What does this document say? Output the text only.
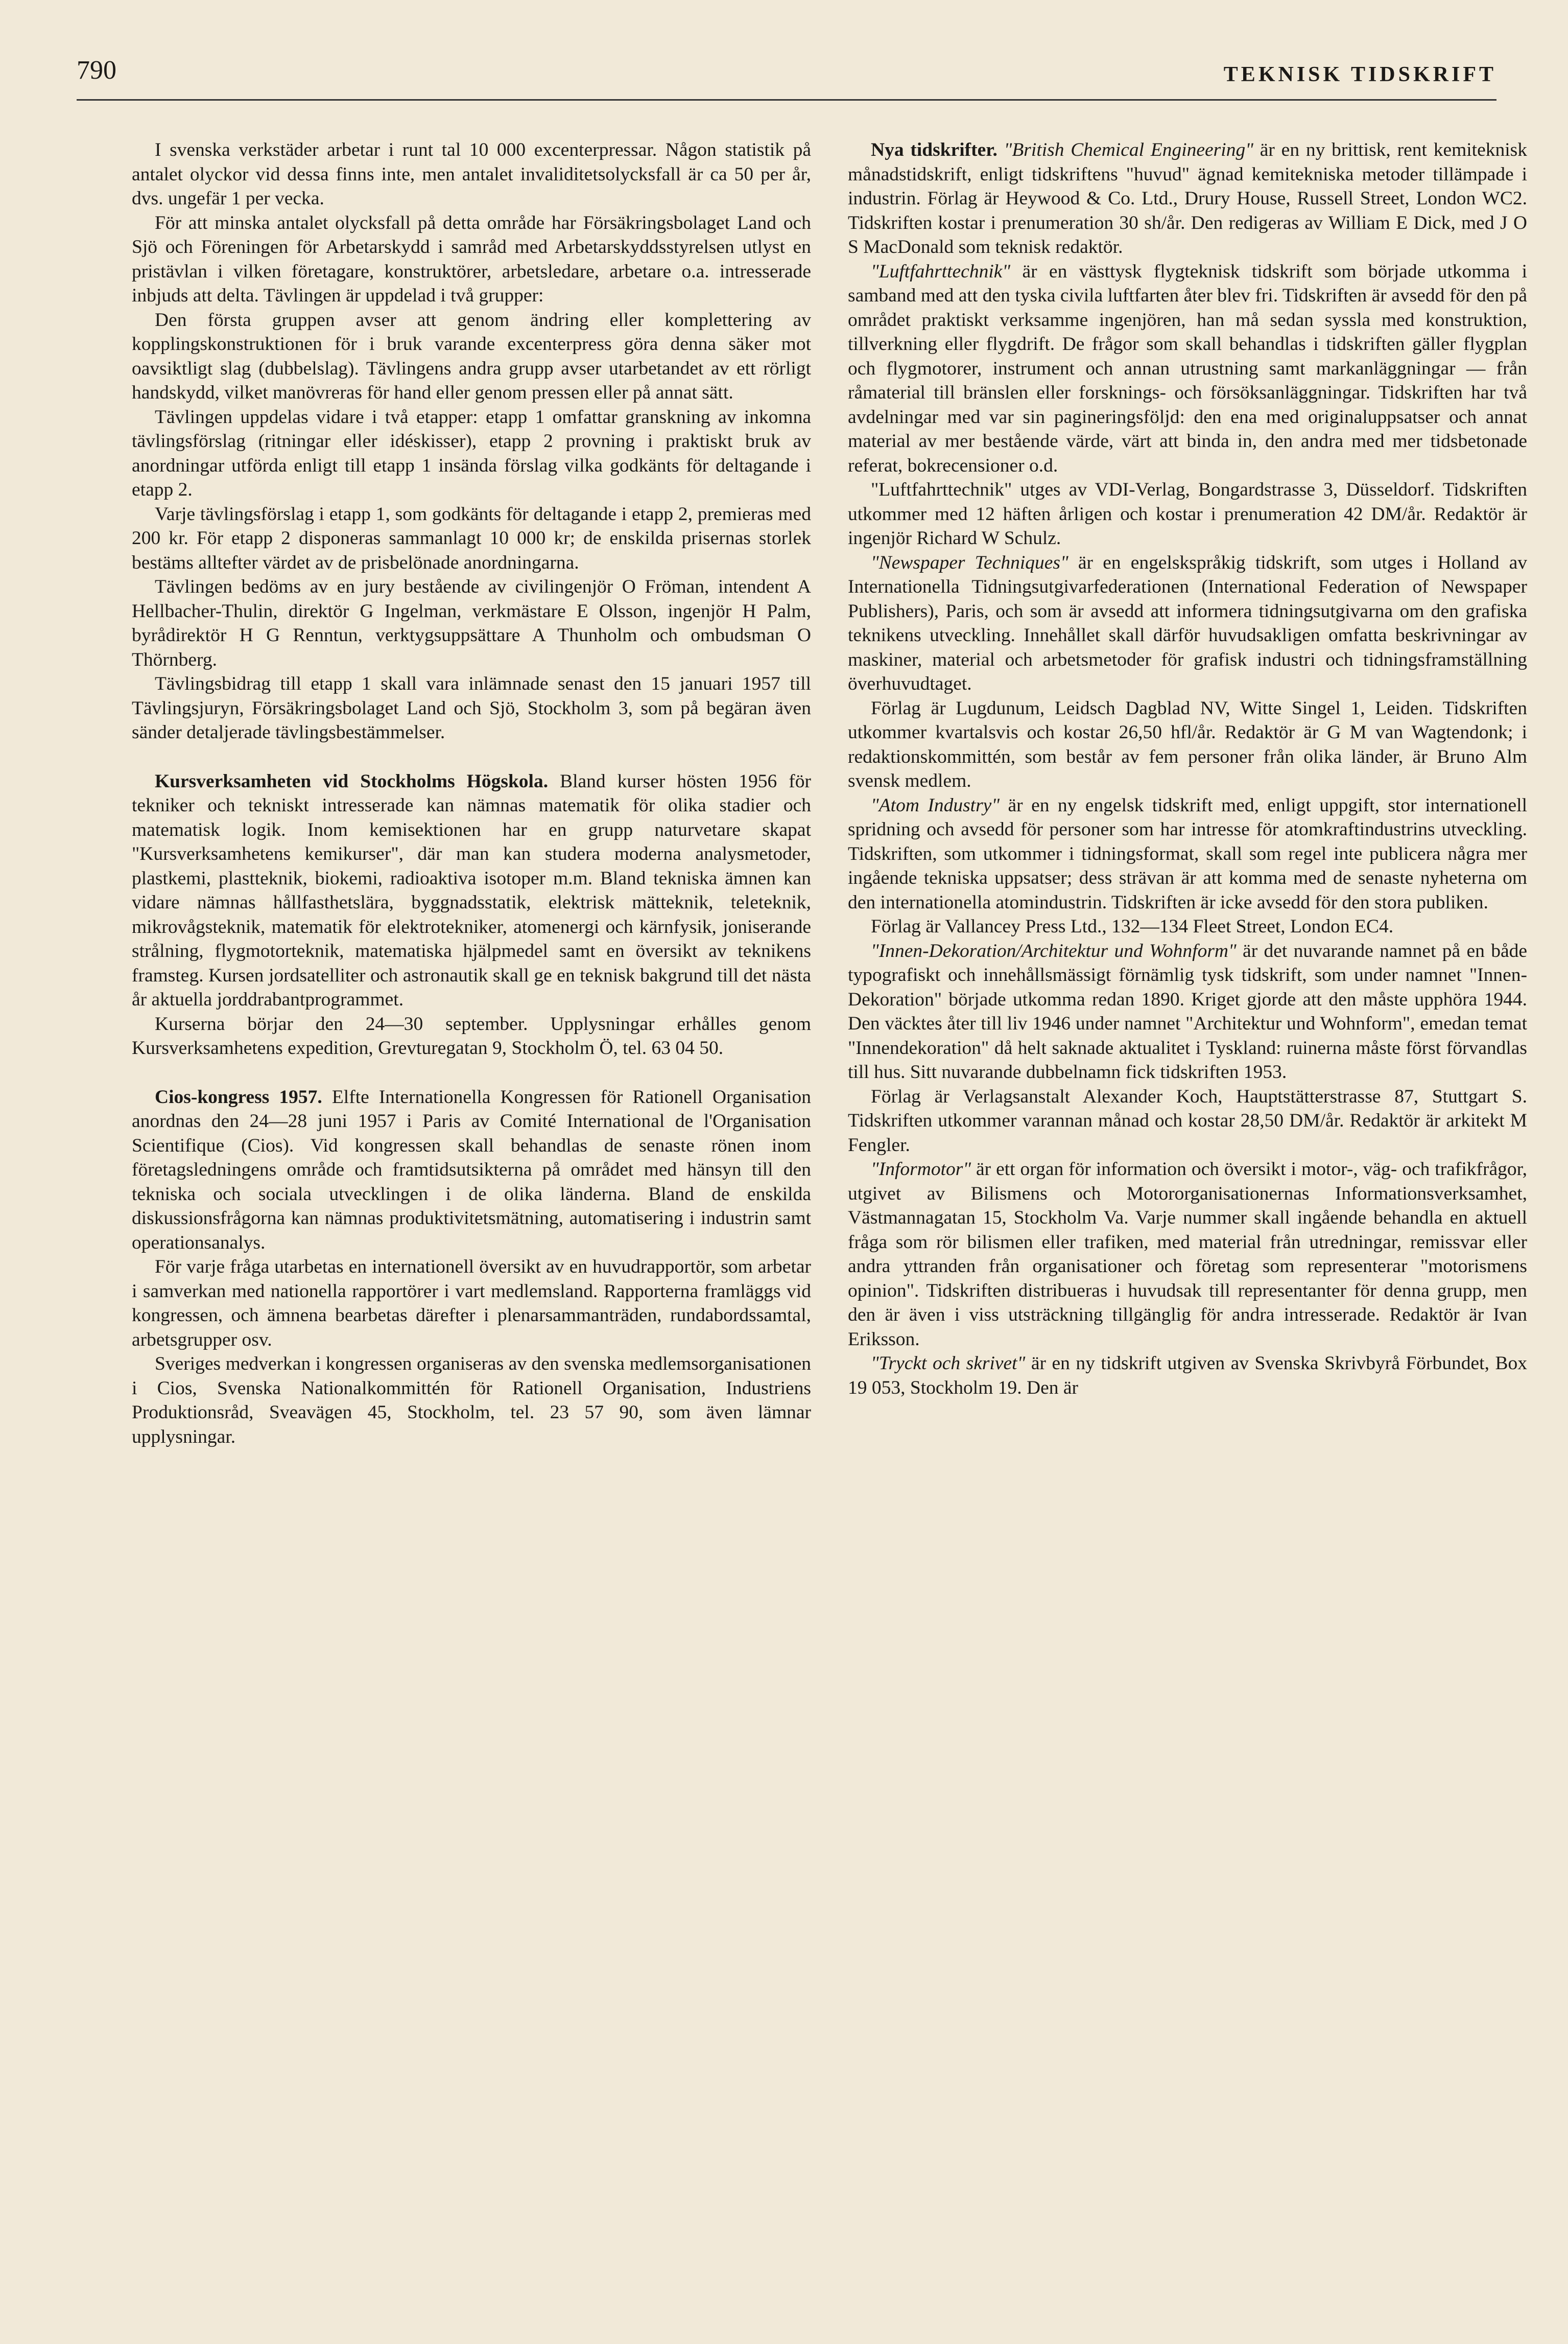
790	TEKNISK TIDSKRIFT

I svenska verkstäder arbetar i runt tal 10 000 excenterpressar. Någon statistik på antalet olyckor vid dessa finns inte, men antalet invaliditetsolycksfall är ca 50 per år, dvs. ungefär 1 per vecka.

För att minska antalet olycksfall på detta område har Försäkringsbolaget Land och Sjö och Föreningen för Arbetarskydd i samråd med Arbetarskyddsstyrelsen utlyst en pristävlan i vilken företagare, konstruktörer, arbetsledare, arbetare o.a. intresserade inbjuds att delta. Tävlingen är uppdelad i två grupper:

Den första gruppen avser att genom ändring eller komplettering av kopplingskonstruktionen för i bruk varande excenterpress göra denna säker mot oavsiktligt slag (dubbelslag). Tävlingens andra grupp avser utarbetandet av ett rörligt handskydd, vilket manövreras för hand eller genom pressen eller på annat sätt.

Tävlingen uppdelas vidare i två etapper: etapp 1 omfattar granskning av inkomna tävlingsförslag (ritningar eller idéskisser), etapp 2 provning i praktiskt bruk av anordningar utförda enligt till etapp 1 insända förslag vilka godkänts för deltagande i etapp 2.

Varje tävlingsförslag i etapp 1, som godkänts för deltagande i etapp 2, premieras med 200 kr. För etapp 2 disponeras sammanlagt 10 000 kr; de enskilda prisernas storlek bestäms alltefter värdet av de prisbelönade anordningarna.

Tävlingen bedöms av en jury bestående av civilingenjör O Fröman, intendent A Hellbacher-Thulin, direktör G Ingelman, verkmästare E Olsson, ingenjör H Palm, byrådirektör H G Renntun, verktygsuppsättare A Thunholm och ombudsman O Thörnberg.

Tävlingsbidrag till etapp 1 skall vara inlämnade senast den 15 januari 1957 till Tävlingsjuryn, Försäkringsbolaget Land och Sjö, Stockholm 3, som på begäran även sänder detaljerade tävlingsbestämmelser.

Kursverksamheten vid Stockholms Högskola. Bland kurser hösten 1956 för tekniker och tekniskt intresserade kan nämnas matematik för olika stadier och matematisk logik. Inom kemisektionen har en grupp naturvetare skapat "Kursverksamhetens kemikurser", där man kan studera moderna analysmetoder, plastkemi, plastteknik, biokemi, radioaktiva isotoper m.m. Bland tekniska ämnen kan vidare nämnas hållfasthetslära, byggnadsstatik, elektrisk mätteknik, teleteknik, mikrovågsteknik, matematik för elektrotekniker, atomenergi och kärnfysik, joniserande strålning, flygmotorteknik, matematiska hjälpmedel samt en översikt av teknikens framsteg. Kursen jordsatelliter och astronautik skall ge en teknisk bakgrund till det nästa år aktuella jorddrabantprogrammet.

Kurserna börjar den 24—30 september. Upplysningar erhålles genom Kursverksamhetens expedition, Grevturegatan 9, Stockholm Ö, tel. 63 04 50.

Cios-kongress 1957. Elfte Internationella Kongressen för Rationell Organisation anordnas den 24—28 juni 1957 i Paris av Comité International de l'Organisation Scientifique (Cios). Vid kongressen skall behandlas de senaste rönen inom företagsledningens område och framtidsutsikterna på området med hänsyn till den tekniska och sociala utvecklingen i de olika länderna. Bland de enskilda diskussionsfrågorna kan nämnas produktivitetsmätning, automatisering i industrin samt operationsanalys.

För varje fråga utarbetas en internationell översikt av en huvudrapportör, som arbetar i samverkan med nationella rapportörer i vart medlemsland. Rapporterna framläggs vid kongressen, och ämnena bearbetas därefter i plenarsammanträden, rundabordssamtal, arbetsgrupper osv.

Sveriges medverkan i kongressen organiseras av den svenska medlemsorganisationen i Cios, Svenska Nationalkommittén för Rationell Organisation, Industriens Produktionsråd, Sveavägen 45, Stockholm, tel. 23 57 90, som även lämnar upplysningar.

Nya tidskrifter. "British Chemical Engineering" är en ny brittisk, rent kemiteknisk månadstidskrift, enligt tidskriftens "huvud" ägnad kemitekniska metoder tillämpade i industrin. Förlag är Heywood & Co. Ltd., Drury House, Russell Street, London WC2. Tidskriften kostar i prenumeration 30 sh/år. Den redigeras av William E Dick, med J O S MacDonald som teknisk redaktör.

"Luftfahrttechnik" är en västtysk flygteknisk tidskrift som började utkomma i samband med att den tyska civila luftfarten åter blev fri. Tidskriften är avsedd för den på området praktiskt verksamme ingenjören, han må sedan syssla med konstruktion, tillverkning eller flygdrift. De frågor som skall behandlas i tidskriften gäller flygplan och flygmotorer, instrument och annan utrustning samt markanläggningar — från råmaterial till bränslen eller forsknings- och försöksanläggningar. Tidskriften har två avdelningar med var sin pagineringsföljd: den ena med originaluppsatser och annat material av mer bestående värde, värt att binda in, den andra med mer tidsbetonade referat, bokrecensioner o.d.

"Luftfahrttechnik" utges av VDI-Verlag, Bongardstrasse 3, Düsseldorf. Tidskriften utkommer med 12 häften årligen och kostar i prenumeration 42 DM/år. Redaktör är ingenjör Richard W Schulz.

"Newspaper Techniques" är en engelskspråkig tidskrift, som utges i Holland av Internationella Tidningsutgivarfederationen (International Federation of Newspaper Publishers), Paris, och som är avsedd att informera tidningsutgivarna om den grafiska teknikens utveckling. Innehållet skall därför huvudsakligen omfatta beskrivningar av maskiner, material och arbetsmetoder för grafisk industri och tidningsframställning överhuvudtaget.

Förlag är Lugdunum, Leidsch Dagblad NV, Witte Singel 1, Leiden. Tidskriften utkommer kvartalsvis och kostar 26,50 hfl/år. Redaktör är G M van Wagtendonk; i redaktionskommittén, som består av fem personer från olika länder, är Bruno Alm svensk medlem.

"Atom Industry" är en ny engelsk tidskrift med, enligt uppgift, stor internationell spridning och avsedd för personer som har intresse för atomkraftindustrins utveckling. Tidskriften, som utkommer i tidningsformat, skall som regel inte publicera några mer ingående tekniska uppsatser; dess strävan är att komma med de senaste nyheterna om den internationella atomindustrin. Tidskriften är icke avsedd för den stora publiken.

Förlag är Vallancey Press Ltd., 132—134 Fleet Street, London EC4.

"Innen-Dekoration/Architektur und Wohnform" är det nuvarande namnet på en både typografiskt och innehållsmässigt förnämlig tysk tidskrift, som under namnet "Innen-Dekoration" började utkomma redan 1890. Kriget gjorde att den måste upphöra 1944. Den väcktes åter till liv 1946 under namnet "Architektur und Wohnform", emedan temat "Innendekoration" då helt saknade aktualitet i Tyskland: ruinerna måste först förvandlas till hus. Sitt nuvarande dubbelnamn fick tidskriften 1953.

Förlag är Verlagsanstalt Alexander Koch, Hauptstätterstrasse 87, Stuttgart S. Tidskriften utkommer varannan månad och kostar 28,50 DM/år. Redaktör är arkitekt M Fengler.

"Informotor" är ett organ för information och översikt i motor-, väg- och trafikfrågor, utgivet av Bilismens och Motororganisationernas Informationsverksamhet, Västmannagatan 15, Stockholm Va. Varje nummer skall ingående behandla en aktuell fråga som rör bilismen eller trafiken, med material från utredningar, remissvar eller andra yttranden från organisationer och företag som representerar "motorismens opinion". Tidskriften distribueras i huvudsak till representanter för denna grupp, men den är även i viss utsträckning tillgänglig för andra intresserade. Redaktör är Ivan Eriksson.

"Tryckt och skrivet" är en ny tidskrift utgiven av Svenska Skrivbyrå Förbundet, Box 19 053, Stockholm 19. Den är
